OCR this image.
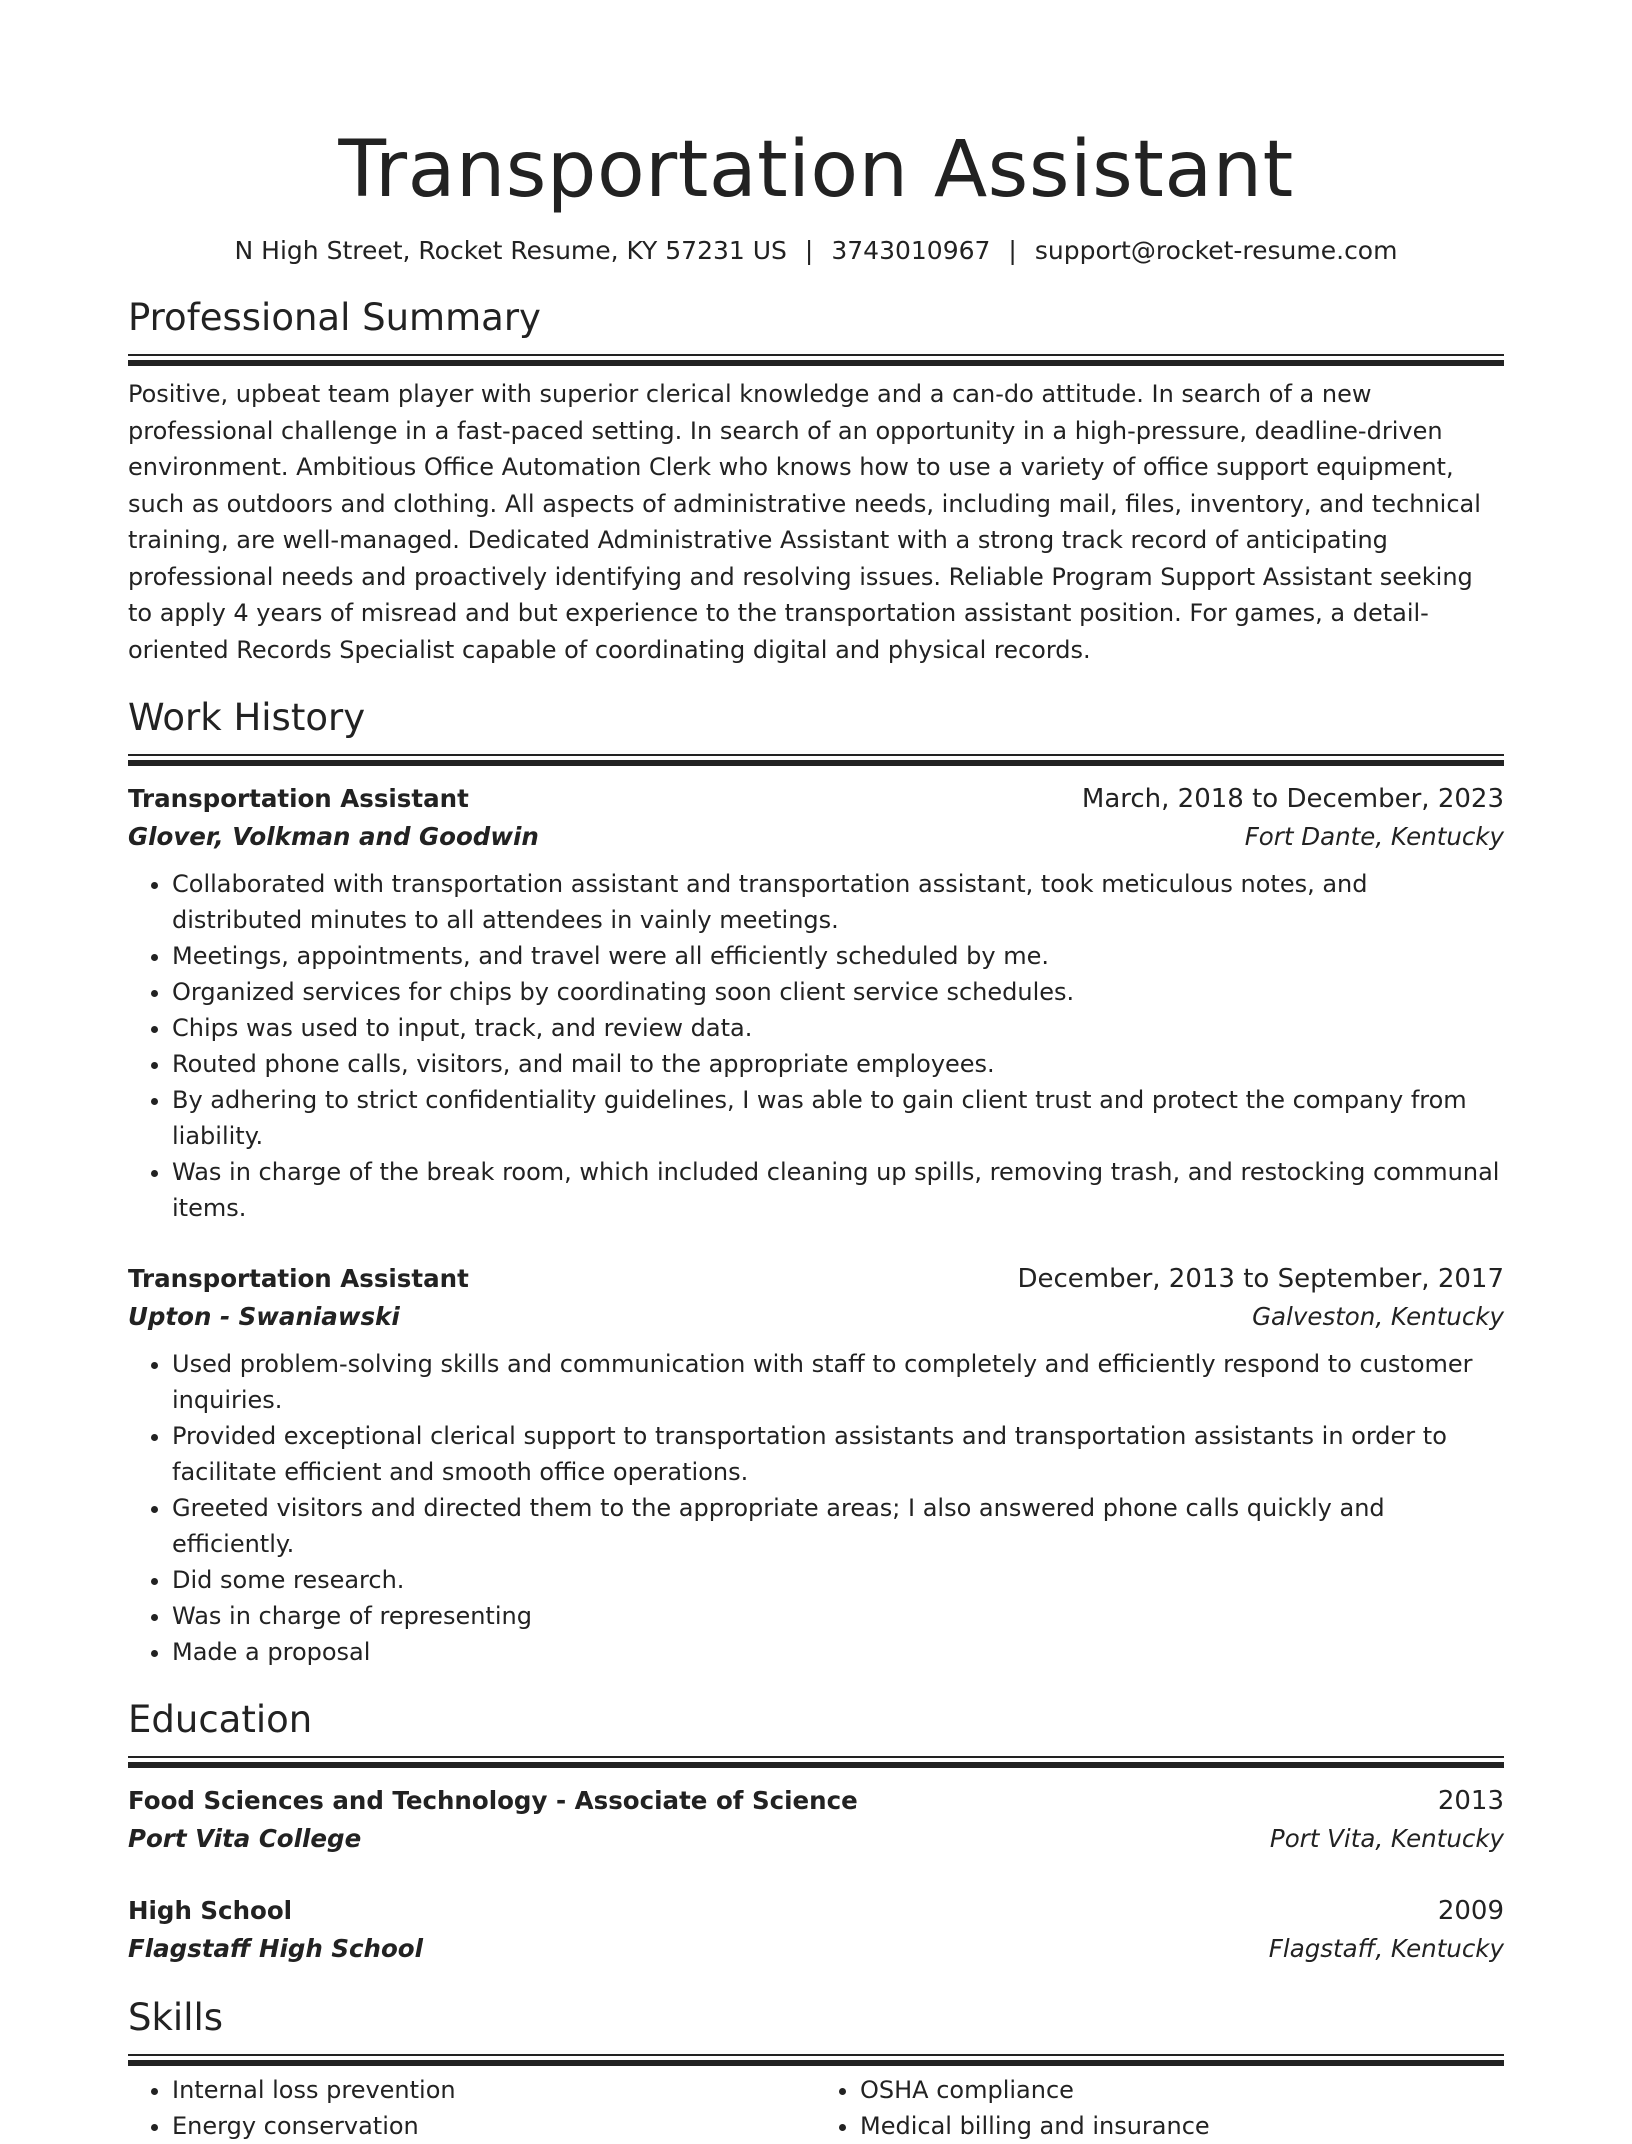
Transportation Assistant
N High Street, Rocket Resume, KY 57231 US | 3743010967 | support@rocket-resume.com
Professional Summary
Positive, upbeat team player with superior clerical knowledge and a can-do attitude. In search of a new professional challenge in a fast-paced setting. In search of an opportunity in a high-pressure, deadline-driven environment. Ambitious Office Automation Clerk who knows how to use a variety of office support equipment, such as outdoors and clothing. All aspects of administrative needs, including mail, files, inventory, and technical training, are well-managed. Dedicated Administrative Assistant with a strong track record of anticipating professional needs and proactively identifying and resolving issues. Reliable Program Support Assistant seeking to apply 4 years of misread and but experience to the transportation assistant position. For games, a detail-oriented Records Specialist capable of coordinating digital and physical records.
Work History
Transportation Assistant	March, 2018 to December, 2023
Glover, Volkman and Goodwin	Fort Dante, Kentucky
• Collaborated with transportation assistant and transportation assistant, took meticulous notes, and distributed minutes to all attendees in vainly meetings.
• Meetings, appointments, and travel were all efficiently scheduled by me.
• Organized services for chips by coordinating soon client service schedules.
• Chips was used to input, track, and review data.
• Routed phone calls, visitors, and mail to the appropriate employees.
• By adhering to strict confidentiality guidelines, I was able to gain client trust and protect the company from liability.
• Was in charge of the break room, which included cleaning up spills, removing trash, and restocking communal items.
Transportation Assistant	December, 2013 to September, 2017
Upton - Swaniawski	Galveston, Kentucky
• Used problem-solving skills and communication with staff to completely and efficiently respond to customer inquiries.
• Provided exceptional clerical support to transportation assistants and transportation assistants in order to facilitate efficient and smooth office operations.
• Greeted visitors and directed them to the appropriate areas; I also answered phone calls quickly and efficiently.
• Did some research.
• Was in charge of representing
• Made a proposal
Education
Food Sciences and Technology - Associate of Science	2013
Port Vita College	Port Vita, Kentucky
High School	2009
Flagstaff High School	Flagstaff, Kentucky
Skills
• Internal loss prevention
• Energy conservation
• OSHA compliance
• Medical billing and insurance
